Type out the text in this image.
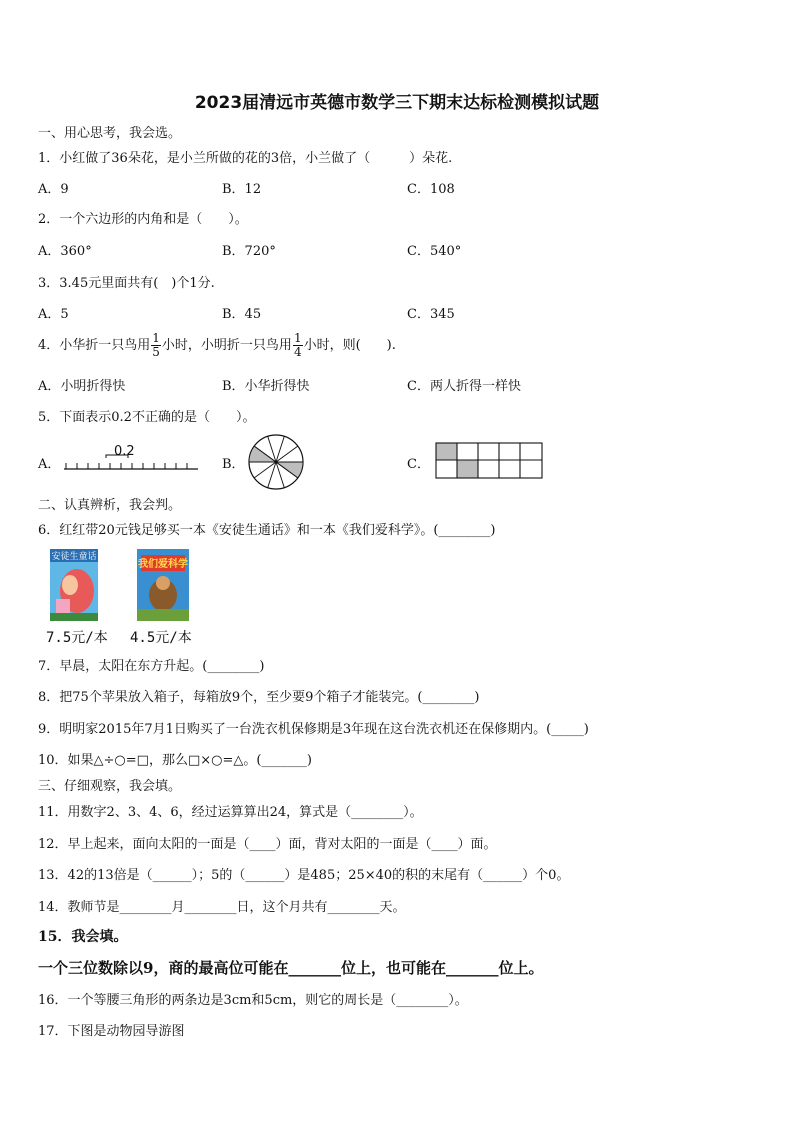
2023届清远市英德市数学三下期末达标检测模拟试题
一、用心思考，我会选。
1．小红做了36朵花，是小兰所做的花的3倍，小兰做了（　　　）朵花.
A．9	B．12	C．108
2．一个六边形的内角和是（　　）。
A．360°	B．720°	C．540°
3．3.45元里面共有(　)个1分.
A．5	B．45	C．345
4．小华折一只鸟用 $\frac{1}{5}$ 小时，小明折一只鸟用 $\frac{1}{4}$ 小时，则(　　).
A．小明折得快	B．小华折得快	C．两人折得一样快
5．下面表示0.2不正确的是（　　）。
A．
0.2
B．	C．
二、认真辨析，我会判。
6．红红带20元钱足够买一本《安徒生通话》和一本《我们爱科学》。(________)
安徒生童话
我们爱科学
7.5元/本 4.5元/本
7．早晨，太阳在东方升起。(________)
8．把75个苹果放入箱子，每箱放9个，至少要9个箱子才能装完。(________)
9．明明家2015年7月1日购买了一台洗衣机保修期是3年现在这台洗衣机还在保修期内。(_____)
10．如果△÷○=□，那么□×○=△。(_______)
三、仔细观察，我会填。
11．用数字2、3、4、6，经过运算算出24，算式是（________）。
12．早上起来，面向太阳的一面是（____）面，背对太阳的一面是（____）面。
13．42的13倍是（______）；5的（______）是485；25×40的积的末尾有（______）个0。
14．教师节是________月________日，这个月共有________天。
15．我会填。
一个三位数除以9，商的最高位可能在_______位上，也可能在_______位上。
16．一个等腰三角形的两条边是3cm和5cm，则它的周长是（________）。
17．下图是动物园导游图
